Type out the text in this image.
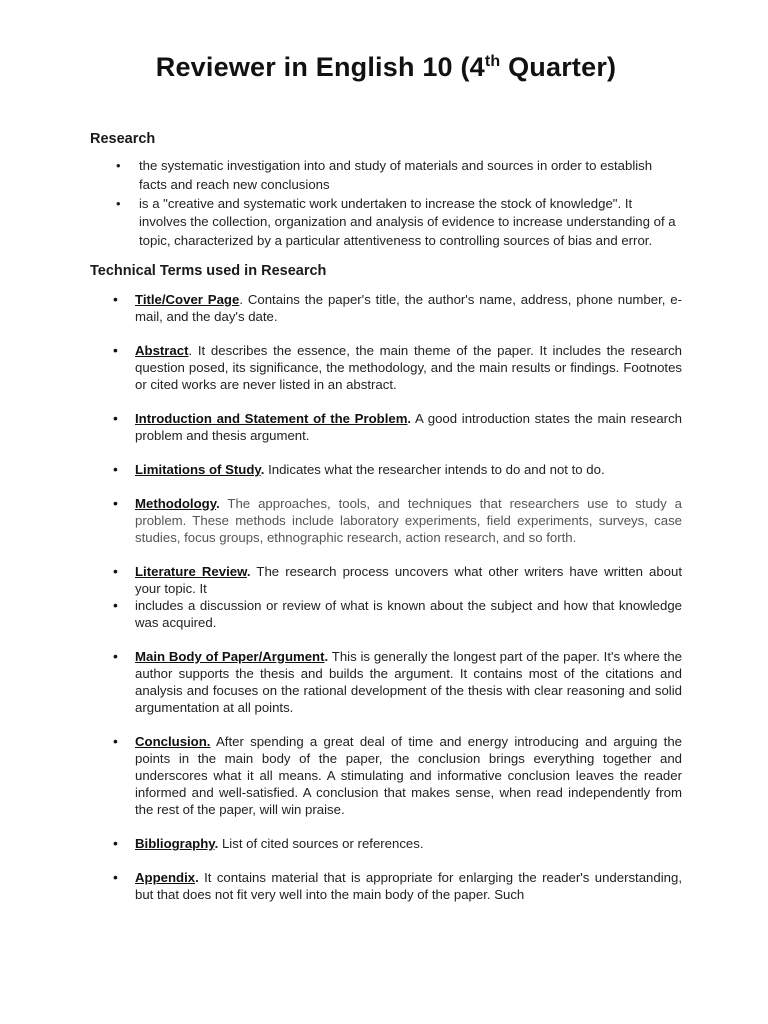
Reviewer in English 10 (4th Quarter)
Research
• the systematic investigation into and study of materials and sources in order to establish facts and reach new conclusions
• is a "creative and systematic work undertaken to increase the stock of knowledge". It involves the collection, organization and analysis of evidence to increase understanding of a topic, characterized by a particular attentiveness to controlling sources of bias and error.
Technical Terms used in Research
• Title/Cover Page. Contains the paper's title, the author's name, address, phone number, e-mail, and the day's date.
• Abstract. It describes the essence, the main theme of the paper. It includes the research question posed, its significance, the methodology, and the main results or findings. Footnotes or cited works are never listed in an abstract.
• Introduction and Statement of the Problem. A good introduction states the main research problem and thesis argument.
• Limitations of Study. Indicates what the researcher intends to do and not to do.
• Methodology. The approaches, tools, and techniques that researchers use to study a problem. These methods include laboratory experiments, field experiments, surveys, case studies, focus groups, ethnographic research, action research, and so forth.
• Literature Review. The research process uncovers what other writers have written about your topic. It
• includes a discussion or review of what is known about the subject and how that knowledge was acquired.
• Main Body of Paper/Argument. This is generally the longest part of the paper. It's where the author supports the thesis and builds the argument. It contains most of the citations and analysis and focuses on the rational development of the thesis with clear reasoning and solid argumentation at all points.
• Conclusion. After spending a great deal of time and energy introducing and arguing the points in the main body of the paper, the conclusion brings everything together and underscores what it all means. A stimulating and informative conclusion leaves the reader informed and well-satisfied. A conclusion that makes sense, when read independently from the rest of the paper, will win praise.
• Bibliography. List of cited sources or references.
• Appendix. It contains material that is appropriate for enlarging the reader's understanding, but that does not fit very well into the main body of the paper. Such
